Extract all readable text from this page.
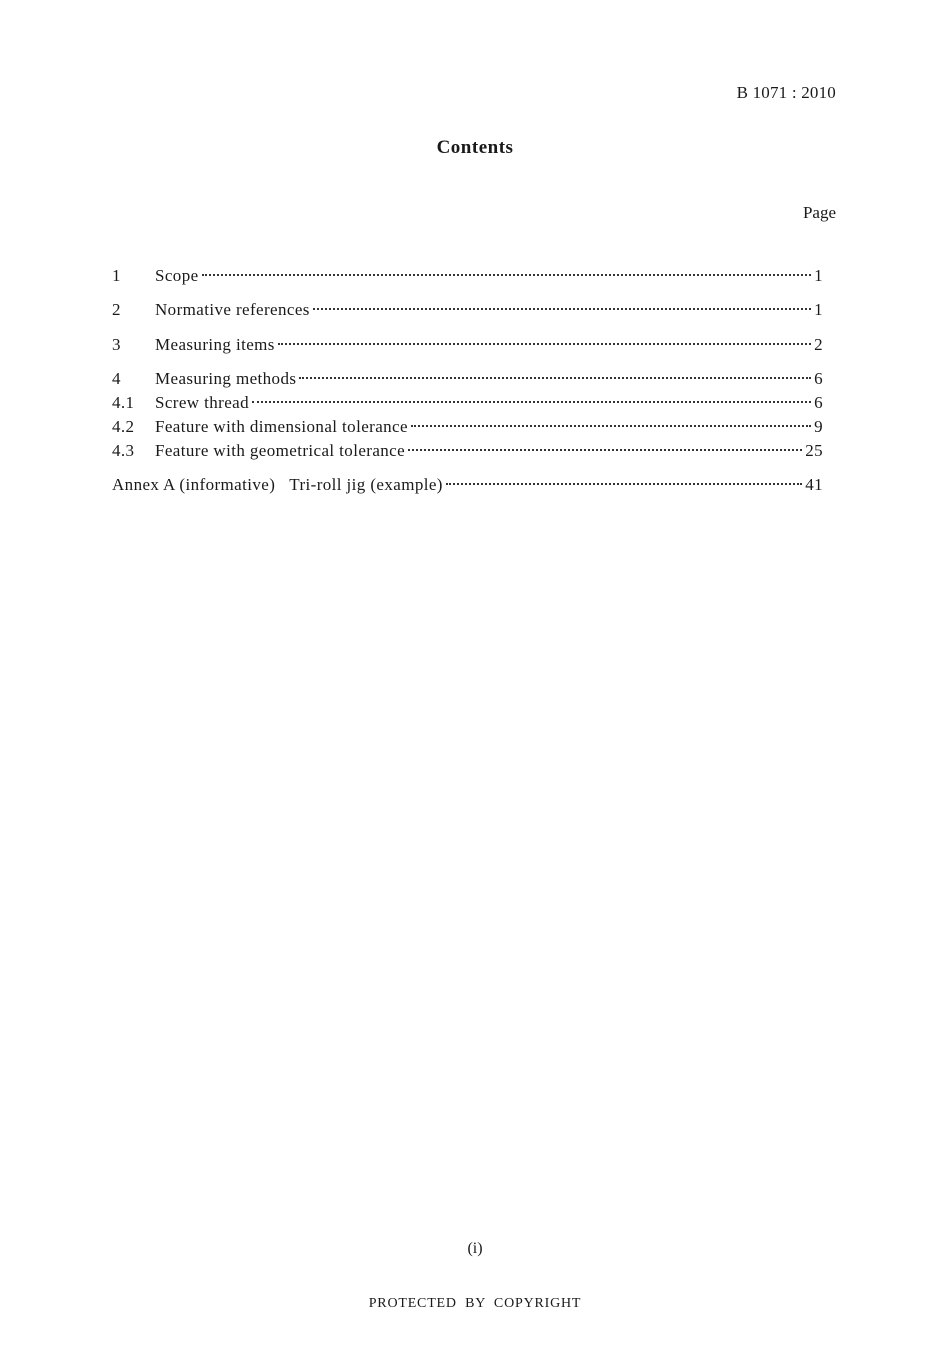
B 1071 : 2010
Contents
Page
1	Scope	1
2	Normative references	1
3	Measuring items	2
4	Measuring methods	6
4.1	Screw thread	6
4.2	Feature with dimensional tolerance	9
4.3	Feature with geometrical tolerance	25
Annex A (informative) Tri-roll jig (example)	41
(i)
PROTECTED BY COPYRIGHT
